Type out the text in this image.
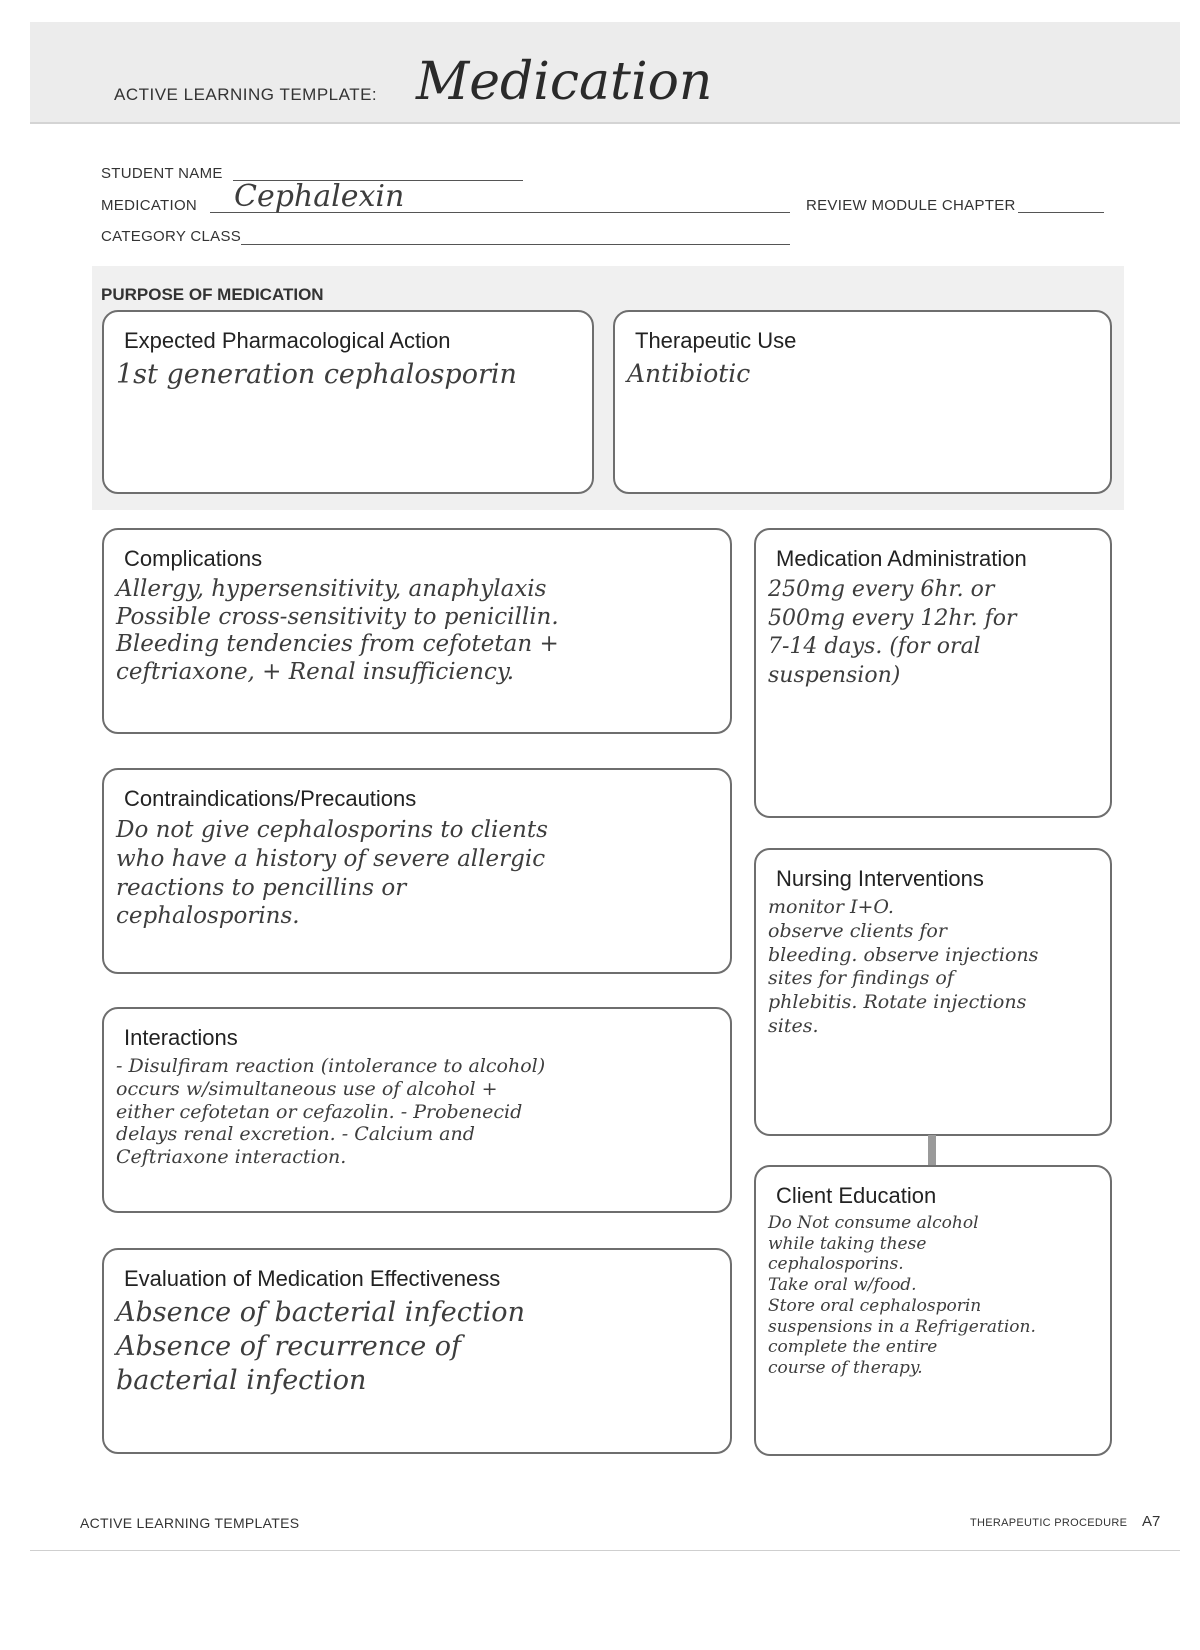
ACTIVE LEARNING TEMPLATE: Medication
STUDENT NAME
MEDICATION Cephalexin	REVIEW MODULE CHAPTER
CATEGORY CLASS
PURPOSE OF MEDICATION
Expected Pharmacological Action
1st generation cephalosporin
Therapeutic Use
Antibiotic
Complications
Allergy, hypersensitivity, anaphylaxis
Possible cross-sensitivity to penicillin.
Bleeding tendencies from cefotetan +
ceftriaxone, + Renal insufficiency.
Contraindications/Precautions
Do not give cephalosporins to clients
who have a history of severe allergic
reactions to pencillins or
cephalosporins.
Interactions
- Disulfiram reaction (intolerance to alcohol)
occurs w/simultaneous use of alcohol +
either cefotetan or cefazolin. - Probenecid
delays renal excretion. - Calcium and
Ceftriaxone interaction.
Evaluation of Medication Effectiveness
Absence of bacterial infection
Absence of recurrence of
bacterial infection
Medication Administration
250mg every 6hr. or
500mg every 12hr. for
7-14 days. (for oral
suspension)
Nursing Interventions
monitor I+O.
observe clients for
bleeding. observe injections
sites for findings of
phlebitis. Rotate injections
sites.
Client Education
Do Not consume alcohol
while taking these
cephalosporins.
Take oral w/food.
Store oral cephalosporin
suspensions in a Refrigeration.
complete the entire
course of therapy.
ACTIVE LEARNING TEMPLATES	THERAPEUTIC PROCEDURE A7
